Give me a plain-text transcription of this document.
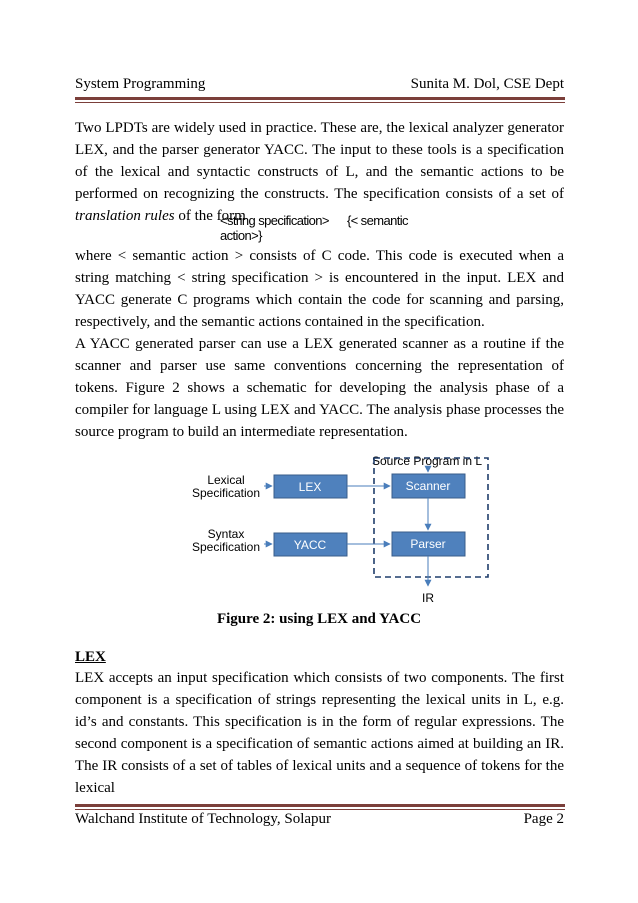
System Programming	Sunita M. Dol, CSE Dept

Two LPDTs are widely used in practice. These are, the lexical analyzer generator LEX, and the parser generator YACC. The input to these tools is a specification of the lexical and syntactic constructs of L, and the semantic actions to be performed on recognizing the constructs. The specification consists of a set of translation rules of the form

<string specification> {< semantic action>}

where < semantic action > consists of C code. This code is executed when a string matching < string specification > is encountered in the input. LEX and YACC generate C programs which contain the code for scanning and parsing, respectively, and the semantic actions contained in the specification.

A YACC generated parser can use a LEX generated scanner as a routine if the scanner and parser use same conventions concerning the representation of tokens. Figure 2 shows a schematic for developing the analysis phase of a compiler for language L using LEX and YACC. The analysis phase processes the source program to build an intermediate representation.

Source Program in L
Lexical
Specification
Syntax
Specification
LEX
YACC
Scanner
Parser
IR
Figure 2: using LEX and YACC
LEX

LEX accepts an input specification which consists of two components. The first component is a specification of strings representing the lexical units in L, e.g. id’s and constants. This specification is in the form of regular expressions. The second component is a specification of semantic actions aimed at building an IR. The IR consists of a set of tables of lexical units and a sequence of tokens for the lexical

Walchand Institute of Technology, Solapur	Page 2
